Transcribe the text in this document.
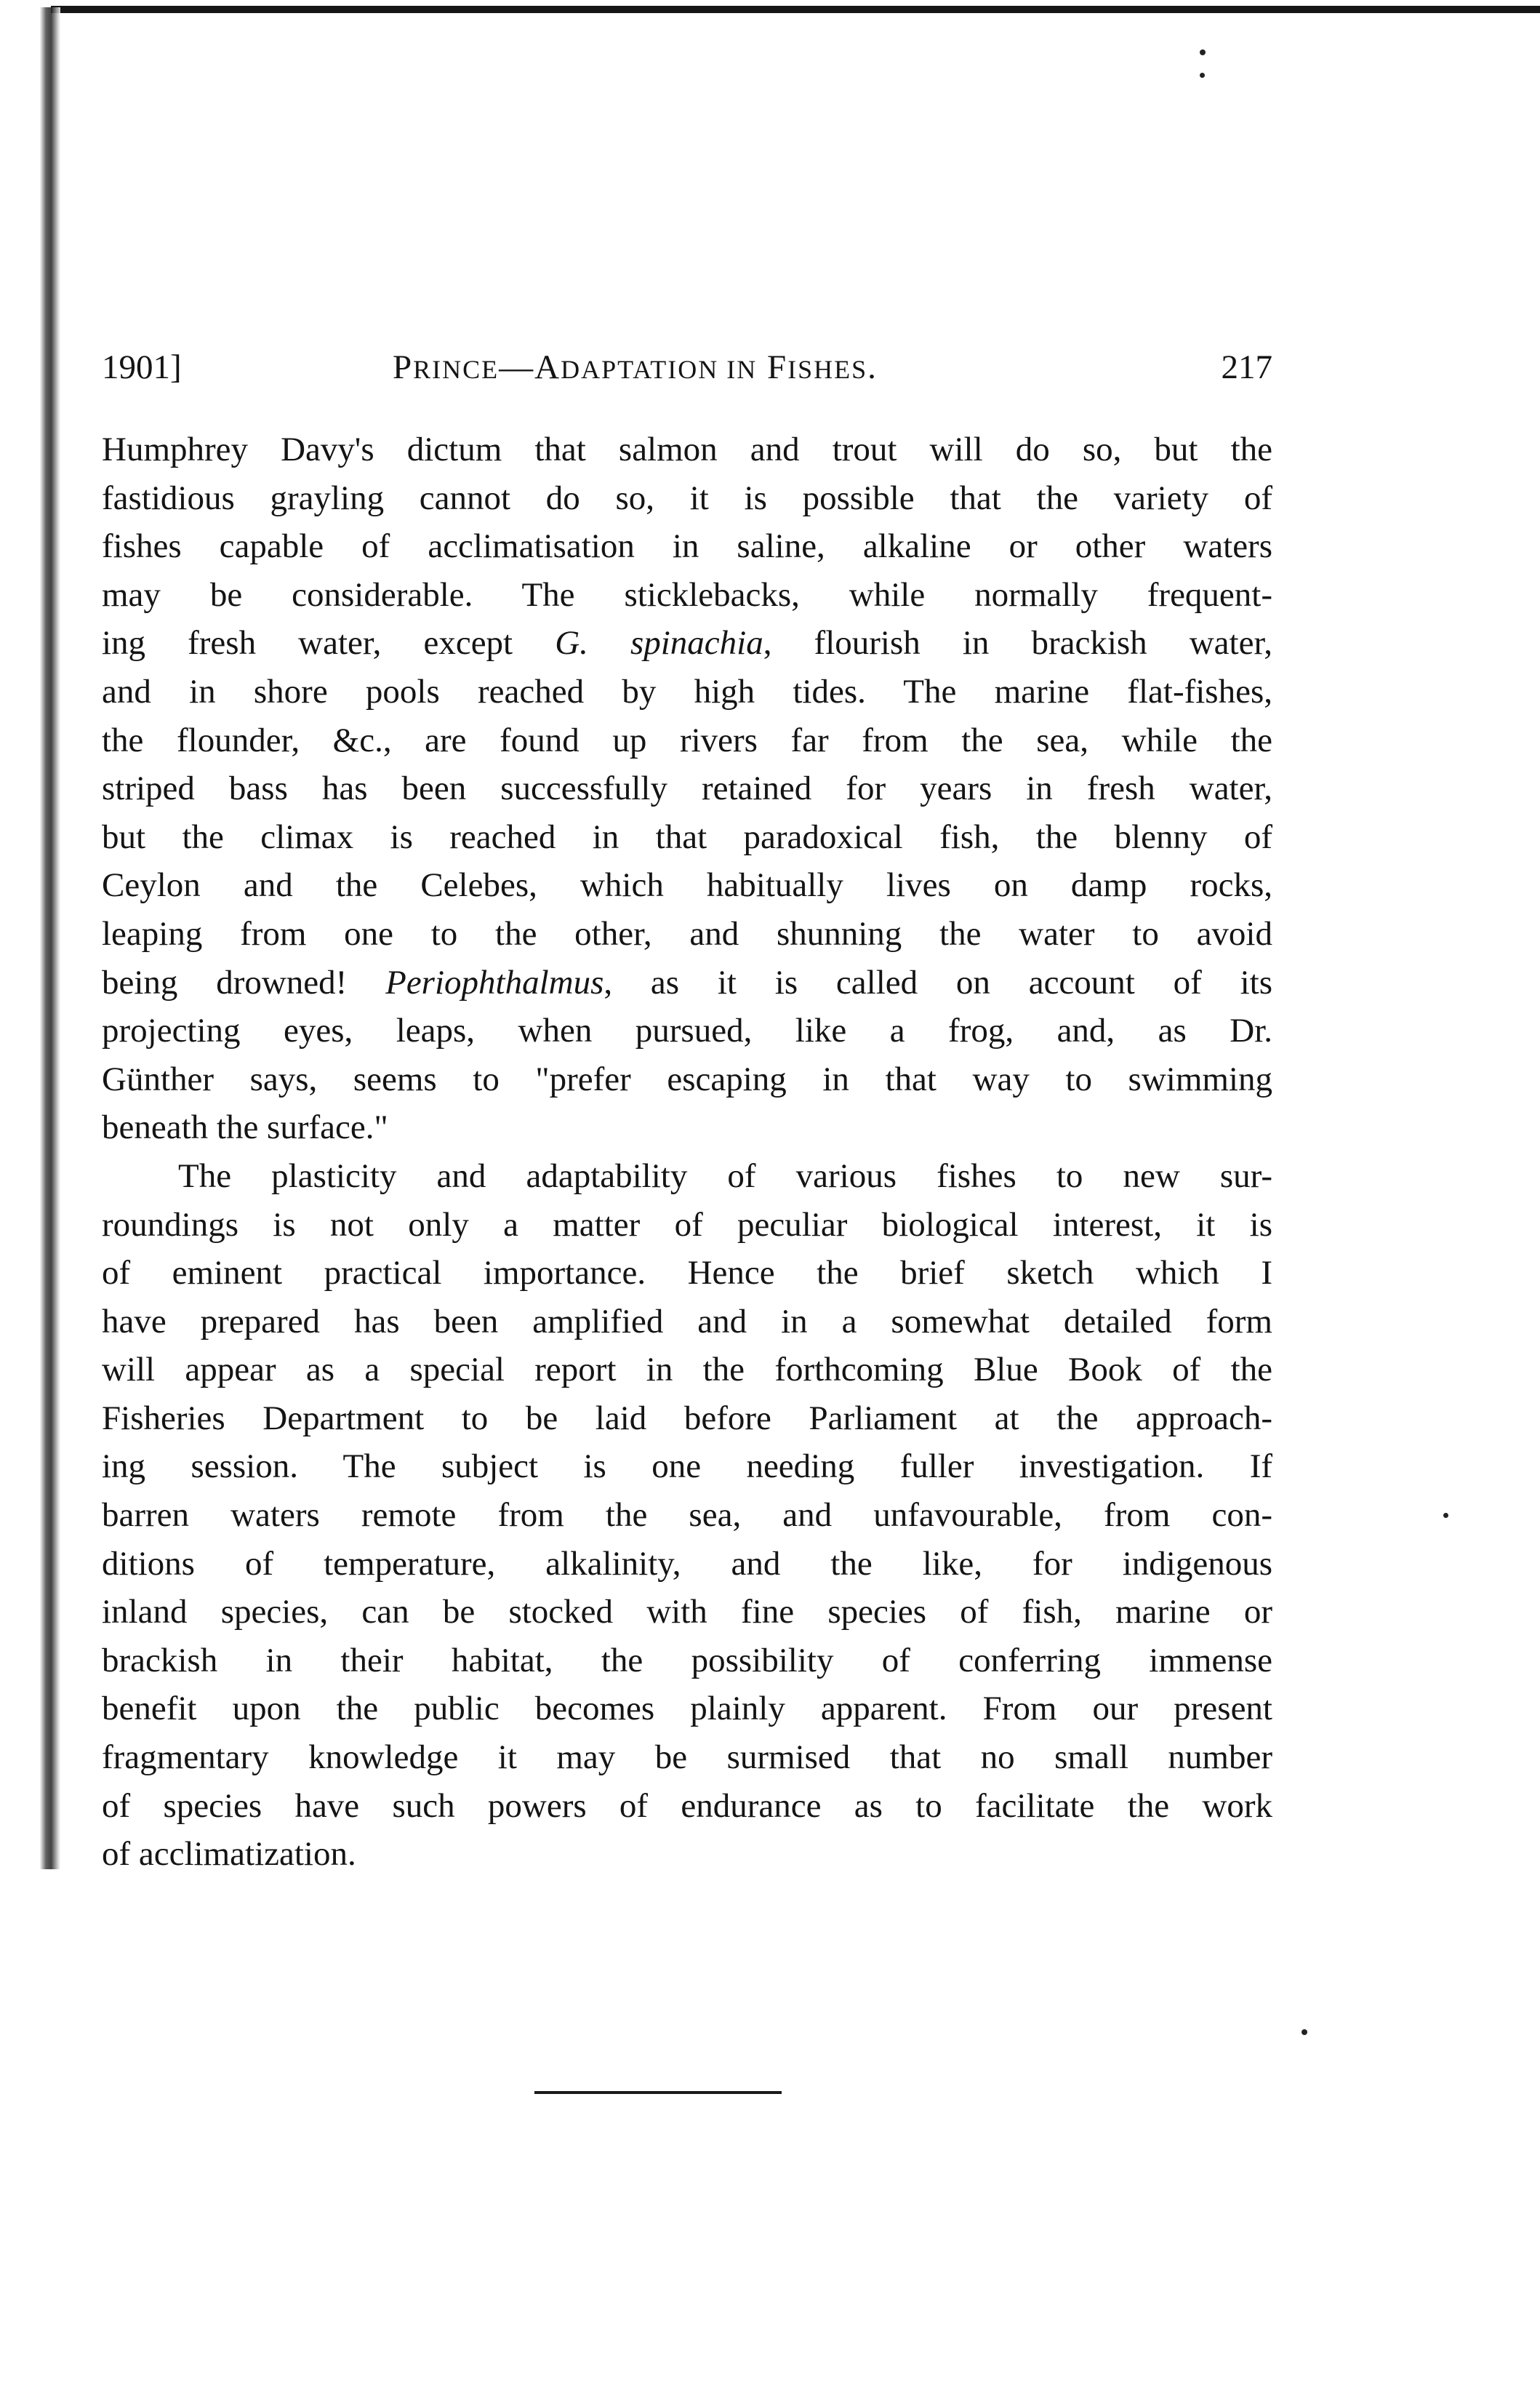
1901]	PRINCE—ADAPTATION IN FISHES.	217
Humphrey Davy's dictum that salmon and trout will do so, but the
fastidious grayling cannot do so, it is possible that the variety of
fishes capable of acclimatisation in saline, alkaline or other waters
may be considerable. The sticklebacks, while normally frequent-
ing fresh water, except G. spinachia, flourish in brackish water,
and in shore pools reached by high tides. The marine flat-fishes,
the flounder, &c., are found up rivers far from the sea, while the
striped bass has been successfully retained for years in fresh water,
but the climax is reached in that paradoxical fish, the blenny of
Ceylon and the Celebes, which habitually lives on damp rocks,
leaping from one to the other, and shunning the water to avoid
being drowned! Periophthalmus, as it is called on account of its
projecting eyes, leaps, when pursued, like a frog, and, as Dr.
Günther says, seems to "prefer escaping in that way to swimming
beneath the surface."
The plasticity and adaptability of various fishes to new sur-
roundings is not only a matter of peculiar biological interest, it is
of eminent practical importance. Hence the brief sketch which I
have prepared has been amplified and in a somewhat detailed form
will appear as a special report in the forthcoming Blue Book of the
Fisheries Department to be laid before Parliament at the approach-
ing session. The subject is one needing fuller investigation. If
barren waters remote from the sea, and unfavourable, from con-
ditions of temperature, alkalinity, and the like, for indigenous
inland species, can be stocked with fine species of fish, marine or
brackish in their habitat, the possibility of conferring immense
benefit upon the public becomes plainly apparent. From our present
fragmentary knowledge it may be surmised that no small number
of species have such powers of endurance as to facilitate the work
of acclimatization.
